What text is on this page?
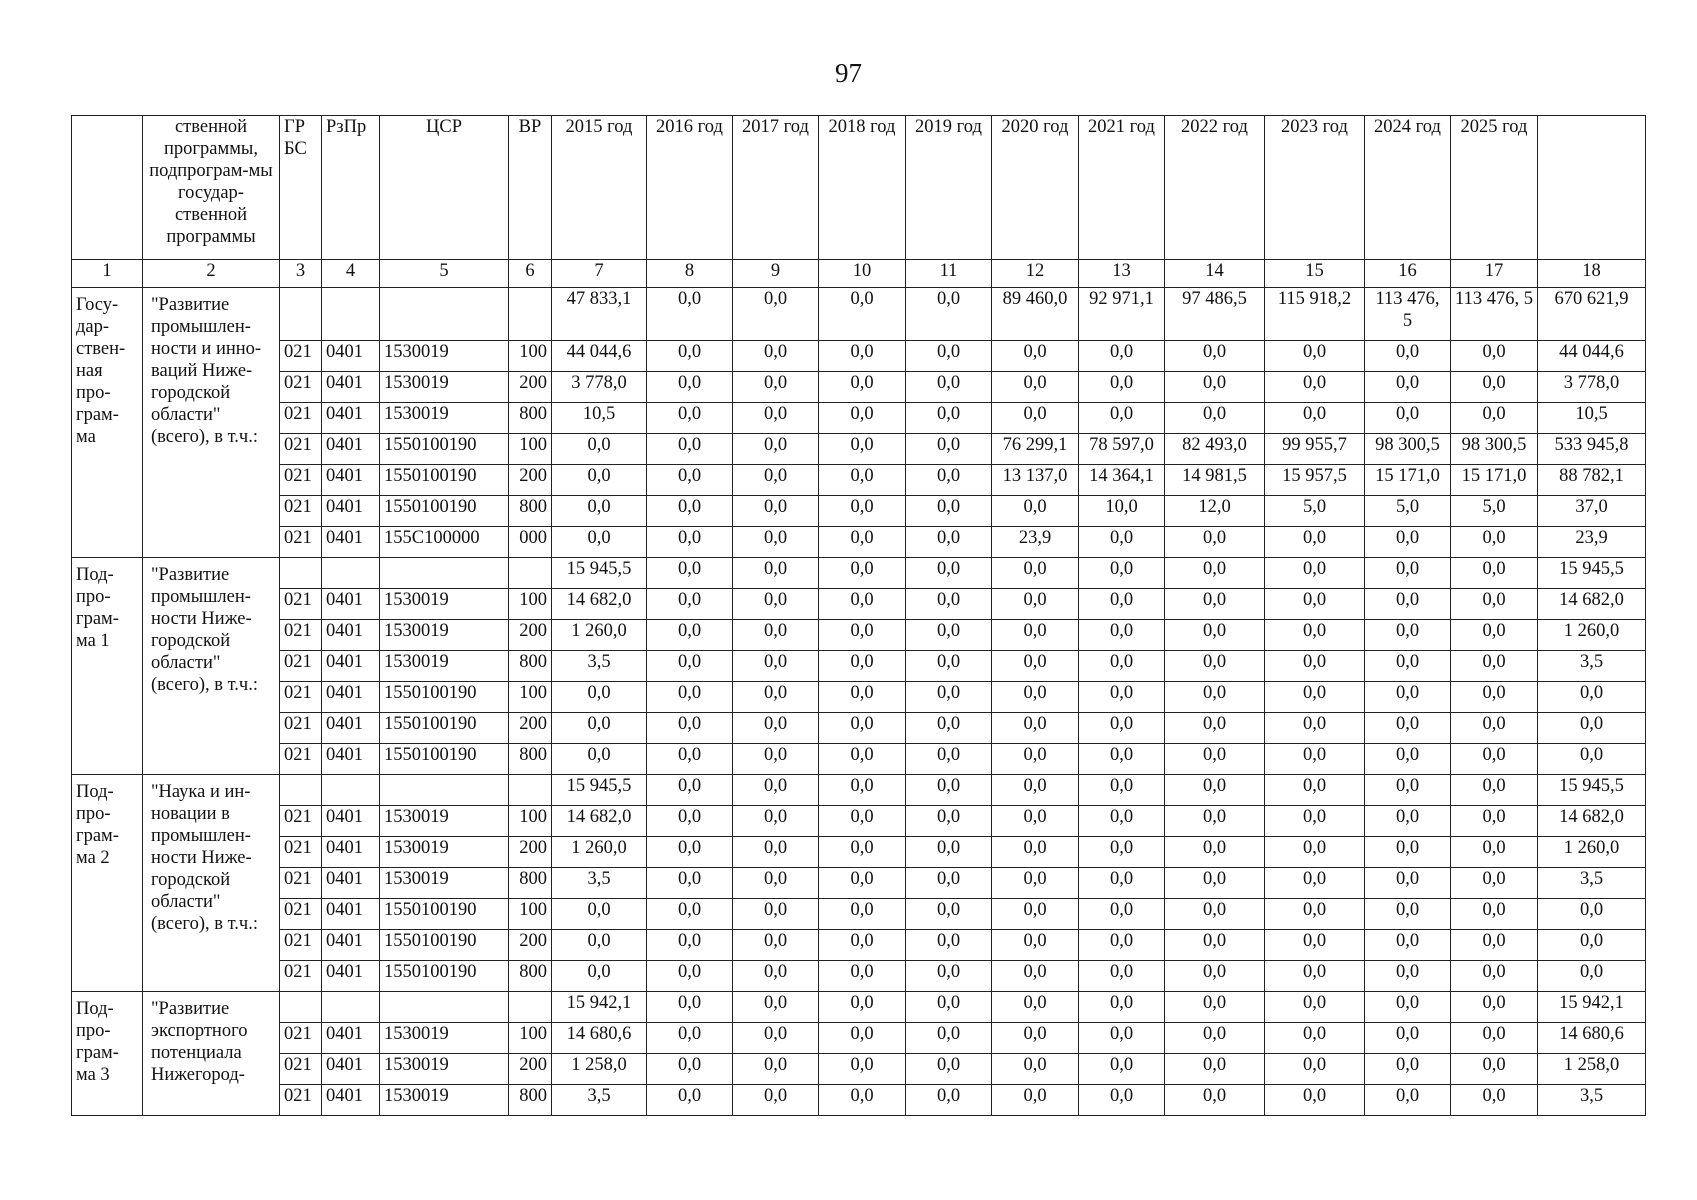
97
	ственной программы, подпрограм-мы государ-ственной программы	ГР БС	РзПр	ЦСР	ВР	2015 год	2016 год	2017 год	2018 год	2019 год	2020 год	2021 год	2022 год	2023 год	2024 год	2025 год	
1	2	3	4	5	6	7	8	9	10	11	12	13	14	15	16	17	18
Госу-дар-ствен-ная про-грам-ма	"Развитие промышлен-ности и инно-ваций Ниже-городской области" (всего), в т.ч.:					47 833,1	0,0	0,0	0,0	0,0	89 460,0	92 971,1	97 486,5	115 918,2	113 476, 5	113 476, 5	670 621,9
		021	0401	1530019	100	44 044,6	0,0	0,0	0,0	0,0	0,0	0,0	0,0	0,0	0,0	0,0	44 044,6
		021	0401	1530019	200	3 778,0	0,0	0,0	0,0	0,0	0,0	0,0	0,0	0,0	0,0	0,0	3 778,0
		021	0401	1530019	800	10,5	0,0	0,0	0,0	0,0	0,0	0,0	0,0	0,0	0,0	0,0	10,5
		021	0401	1550100190	100	0,0	0,0	0,0	0,0	0,0	76 299,1	78 597,0	82 493,0	99 955,7	98 300,5	98 300,5	533 945,8
		021	0401	1550100190	200	0,0	0,0	0,0	0,0	0,0	13 137,0	14 364,1	14 981,5	15 957,5	15 171,0	15 171,0	88 782,1
		021	0401	1550100190	800	0,0	0,0	0,0	0,0	0,0	0,0	10,0	12,0	5,0	5,0	5,0	37,0
		021	0401	155C100000	000	0,0	0,0	0,0	0,0	0,0	23,9	0,0	0,0	0,0	0,0	0,0	23,9
Под-про-грам-ма 1	"Развитие промышлен-ности Ниже-городской области" (всего), в т.ч.:					15 945,5	0,0	0,0	0,0	0,0	0,0	0,0	0,0	0,0	0,0	0,0	15 945,5
		021	0401	1530019	100	14 682,0	0,0	0,0	0,0	0,0	0,0	0,0	0,0	0,0	0,0	0,0	14 682,0
		021	0401	1530019	200	1 260,0	0,0	0,0	0,0	0,0	0,0	0,0	0,0	0,0	0,0	0,0	1 260,0
		021	0401	1530019	800	3,5	0,0	0,0	0,0	0,0	0,0	0,0	0,0	0,0	0,0	0,0	3,5
		021	0401	1550100190	100	0,0	0,0	0,0	0,0	0,0	0,0	0,0	0,0	0,0	0,0	0,0	0,0
		021	0401	1550100190	200	0,0	0,0	0,0	0,0	0,0	0,0	0,0	0,0	0,0	0,0	0,0	0,0
		021	0401	1550100190	800	0,0	0,0	0,0	0,0	0,0	0,0	0,0	0,0	0,0	0,0	0,0	0,0
Под-про-грам-ма 2	"Наука и ин-новации в промышлен-ности Ниже-городской области" (всего), в т.ч.:					15 945,5	0,0	0,0	0,0	0,0	0,0	0,0	0,0	0,0	0,0	0,0	15 945,5
		021	0401	1530019	100	14 682,0	0,0	0,0	0,0	0,0	0,0	0,0	0,0	0,0	0,0	0,0	14 682,0
		021	0401	1530019	200	1 260,0	0,0	0,0	0,0	0,0	0,0	0,0	0,0	0,0	0,0	0,0	1 260,0
		021	0401	1530019	800	3,5	0,0	0,0	0,0	0,0	0,0	0,0	0,0	0,0	0,0	0,0	3,5
		021	0401	1550100190	100	0,0	0,0	0,0	0,0	0,0	0,0	0,0	0,0	0,0	0,0	0,0	0,0
		021	0401	1550100190	200	0,0	0,0	0,0	0,0	0,0	0,0	0,0	0,0	0,0	0,0	0,0	0,0
		021	0401	1550100190	800	0,0	0,0	0,0	0,0	0,0	0,0	0,0	0,0	0,0	0,0	0,0	0,0
Под-про-грам-ма 3	"Развитие экспортного потенциала Нижегород-					15 942,1	0,0	0,0	0,0	0,0	0,0	0,0	0,0	0,0	0,0	0,0	15 942,1
		021	0401	1530019	100	14 680,6	0,0	0,0	0,0	0,0	0,0	0,0	0,0	0,0	0,0	0,0	14 680,6
		021	0401	1530019	200	1 258,0	0,0	0,0	0,0	0,0	0,0	0,0	0,0	0,0	0,0	0,0	1 258,0
		021	0401	1530019	800	3,5	0,0	0,0	0,0	0,0	0,0	0,0	0,0	0,0	0,0	0,0	3,5
